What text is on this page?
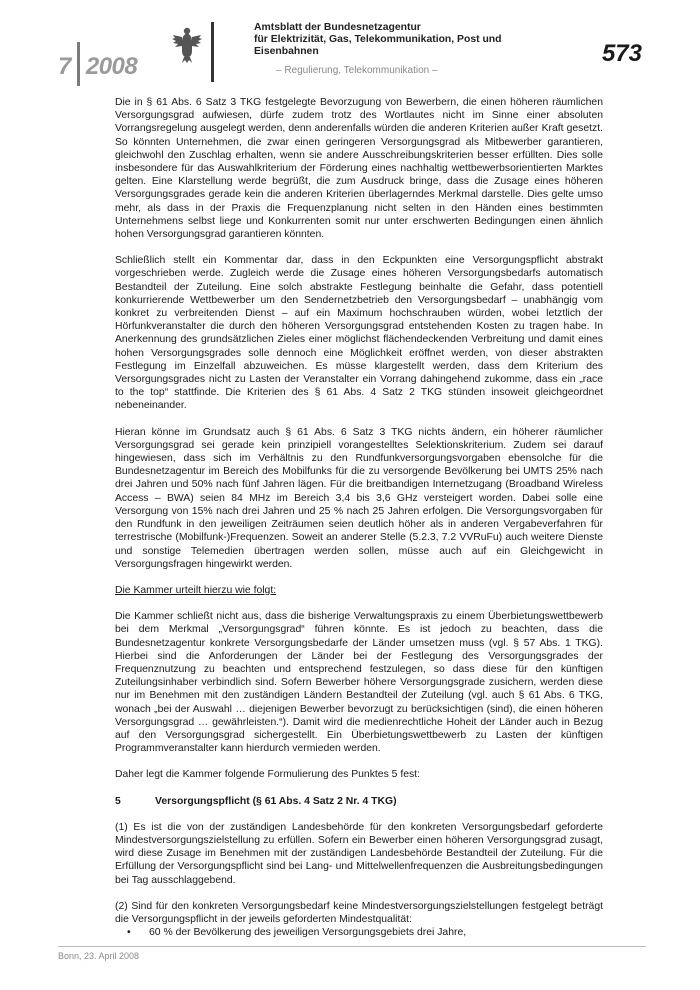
7 2008
Amtsblatt der Bundesnetzagentur
für Elektrizität, Gas, Telekommunikation, Post und Eisenbahnen
– Regulierung, Telekommunikation –
573

Die in § 61 Abs. 6 Satz 3 TKG festgelegte Bevorzugung von Bewerbern, die einen höheren räumlichen Versorgungsgrad aufwiesen, dürfe zudem trotz des Wortlautes nicht im Sinne einer absoluten Vorrangsregelung ausgelegt werden, denn anderenfalls würden die anderen Kriterien außer Kraft gesetzt. So könnten Unternehmen, die zwar einen geringeren Versorgungsgrad als Mitbewerber garantieren, gleichwohl den Zuschlag erhalten, wenn sie andere Ausschreibungskriterien besser erfüllten. Dies solle insbesondere für das Auswahlkriterium der Förderung eines nachhaltig wettbewerbsorientierten Marktes gelten. Eine Klarstellung werde begrüßt, die zum Ausdruck bringe, dass die Zusage eines höheren Versorgungsgrades gerade kein die anderen Kriterien überlagerndes Merkmal darstelle. Dies gelte umso mehr, als dass in der Praxis die Frequenzplanung nicht selten in den Händen eines bestimmten Unternehmens selbst liege und Konkurrenten somit nur unter erschwerten Bedingungen einen ähnlich hohen Versorgungsgrad garantieren könnten.

Schließlich stellt ein Kommentar dar, dass in den Eckpunkten eine Versorgungspflicht abstrakt vorgeschrieben werde. Zugleich werde die Zusage eines höheren Versorgungsbedarfs automatisch Bestandteil der Zuteilung. Eine solch abstrakte Festlegung beinhalte die Gefahr, dass potentiell konkurrierende Wettbewerber um den Sendernetzbetrieb den Versorgungsbedarf – unabhängig vom konkret zu verbreitenden Dienst – auf ein Maximum hochschrauben würden, wobei letztlich der Hörfunkveranstalter die durch den höheren Versorgungsgrad entstehenden Kosten zu tragen habe. In Anerkennung des grundsätzlichen Zieles einer möglichst flächendeckenden Verbreitung und damit eines hohen Versorgungsgrades solle dennoch eine Möglichkeit eröffnet werden, von dieser abstrakten Festlegung im Einzelfall abzuweichen. Es müsse klargestellt werden, dass dem Kriterium des Versorgungsgrades nicht zu Lasten der Veranstalter ein Vorrang dahingehend zukomme, dass ein „race to the top“ stattfinde. Die Kriterien des § 61 Abs. 4 Satz 2 TKG stünden insoweit gleichgeordnet nebeneinander.

Hieran könne im Grundsatz auch § 61 Abs. 6 Satz 3 TKG nichts ändern, ein höherer räumlicher Versorgungsgrad sei gerade kein prinzipiell vorangestelltes Selektionskriterium. Zudem sei darauf hingewiesen, dass sich im Verhältnis zu den Rundfunkversorgungsvorgaben ebensolche für die Bundesnetzagentur im Bereich des Mobilfunks für die zu versorgende Bevölkerung bei UMTS 25% nach drei Jahren und 50% nach fünf Jahren lägen. Für die breitbandigen Internetzugang (Broadband Wireless Access – BWA) seien 84 MHz im Bereich 3,4 bis 3,6 GHz versteigert worden. Dabei solle eine Versorgung von 15% nach drei Jahren und 25 % nach 25 Jahren erfolgen. Die Versorgungsvorgaben für den Rundfunk in den jeweiligen Zeiträumen seien deutlich höher als in anderen Vergabeverfahren für terrestrische (Mobilfunk-)Frequenzen. Soweit an anderer Stelle (5.2.3, 7.2 VVRuFu) auch weitere Dienste und sonstige Telemedien übertragen werden sollen, müsse auch auf ein Gleichgewicht in Versorgungsfragen hingewirkt werden.

Die Kammer urteilt hierzu wie folgt:

Die Kammer schließt nicht aus, dass die bisherige Verwaltungspraxis zu einem Überbietungswettbewerb bei dem Merkmal „Versorgungsgrad“ führen könnte. Es ist jedoch zu beachten, dass die Bundesnetzagentur konkrete Versorgungsbedarfe der Länder umsetzen muss (vgl. § 57 Abs. 1 TKG). Hierbei sind die Anforderungen der Länder bei der Festlegung des Versorgungsgrades der Frequenznutzung zu beachten und entsprechend festzulegen, so dass diese für den künftigen Zuteilungsinhaber verbindlich sind. Sofern Bewerber höhere Versorgungsgrade zusichern, werden diese nur im Benehmen mit den zuständigen Ländern Bestandteil der Zuteilung (vgl. auch § 61 Abs. 6 TKG, wonach „bei der Auswahl … diejenigen Bewerber bevorzugt zu berücksichtigen (sind), die einen höheren Versorgungsgrad … gewährleisten.“). Damit wird die medienrechtliche Hoheit der Länder auch in Bezug auf den Versorgungsgrad sichergestellt. Ein Überbietungswettbewerb zu Lasten der künftigen Programmveranstalter kann hierdurch vermieden werden.

Daher legt die Kammer folgende Formulierung des Punktes 5 fest:

5	Versorgungspflicht (§ 61 Abs. 4 Satz 2 Nr. 4 TKG)

(1) Es ist die von der zuständigen Landesbehörde für den konkreten Versorgungsbedarf geforderte Mindestversorgungszielstellung zu erfüllen. Sofern ein Bewerber einen höheren Versorgungsgrad zusagt, wird diese Zusage im Benehmen mit der zuständigen Landesbehörde Bestandteil der Zuteilung. Für die Erfüllung der Versorgungspflicht sind bei Lang- und Mittelwellenfrequenzen die Ausbreitungsbedingungen bei Tag ausschlaggebend.

(2) Sind für den konkreten Versorgungsbedarf keine Mindestversorgungszielstellungen festgelegt beträgt die Versorgungspflicht in der jeweils geforderten Mindestqualität:

•	60 % der Bevölkerung des jeweiligen Versorgungsgebiets drei Jahre,
Bonn, 23. April 2008
